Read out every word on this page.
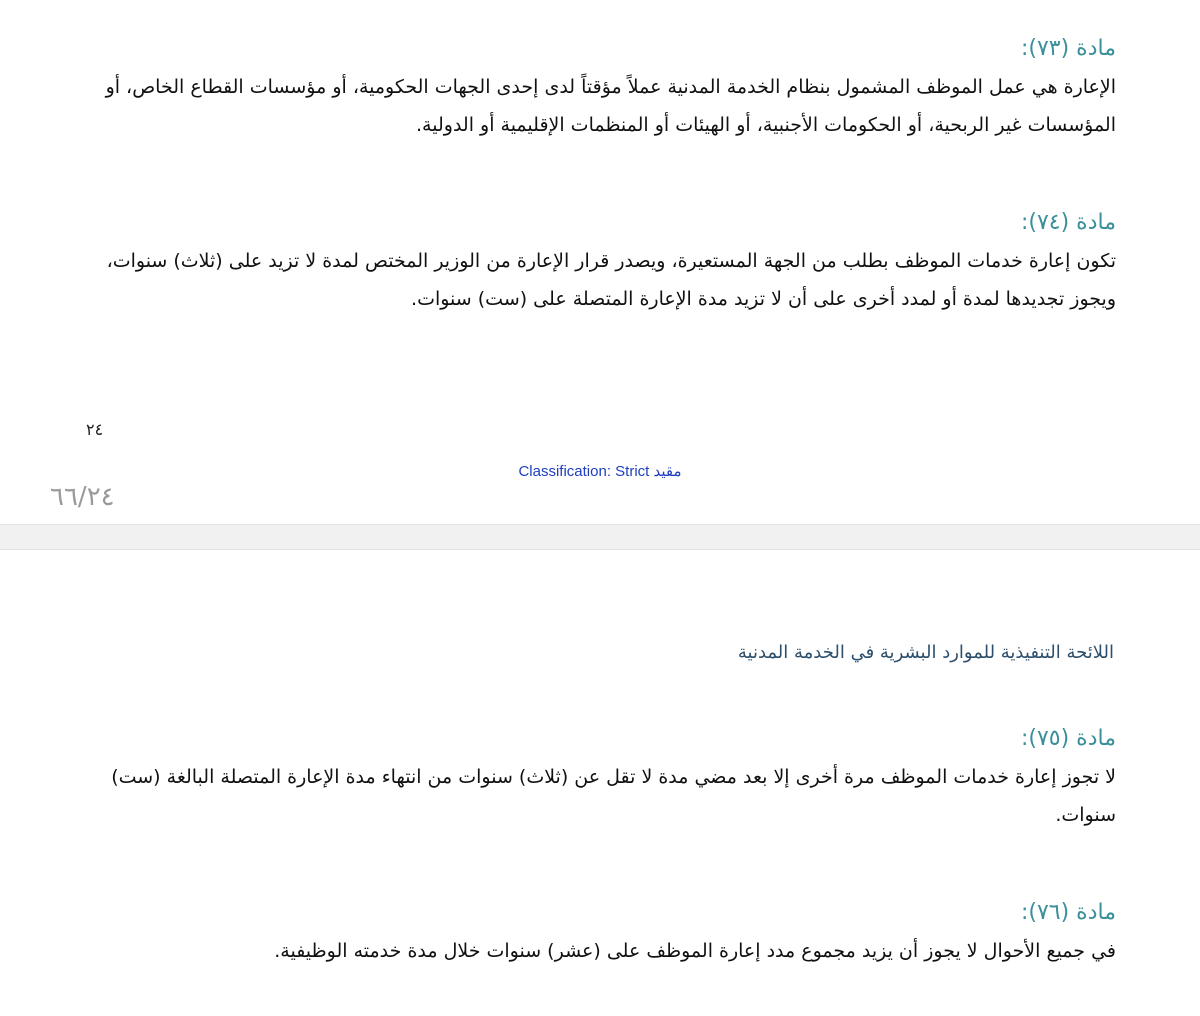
مادة (٧٣):

الإعارة هي عمل الموظف المشمول بنظام الخدمة المدنية عملاً مؤقتاً لدى إحدى الجهات الحكومية، أو مؤسسات القطاع الخاص، أو المؤسسات غير الربحية، أو الحكومات الأجنبية، أو الهيئات أو المنظمات الإقليمية أو الدولية.

مادة (٧٤):

تكون إعارة خدمات الموظف بطلب من الجهة المستعيرة، ويصدر قرار الإعارة من الوزير المختص لمدة لا تزيد على (ثلاث) سنوات، ويجوز تجديدها لمدة أو لمدد أخرى على أن لا تزيد مدة الإعارة المتصلة على (ست) سنوات.

٢٤
Classification: Strict مقيد
٦٦/٢٤
اللائحة التنفيذية للموارد البشرية في الخدمة المدنية

مادة (٧٥):

لا تجوز إعارة خدمات الموظف مرة أخرى إلا بعد مضي مدة لا تقل عن (ثلاث) سنوات من انتهاء مدة الإعارة المتصلة البالغة (ست) سنوات.

مادة (٧٦):

في جميع الأحوال لا يجوز أن يزيد مجموع مدد إعارة الموظف على (عشر) سنوات خلال مدة خدمته الوظيفية.
